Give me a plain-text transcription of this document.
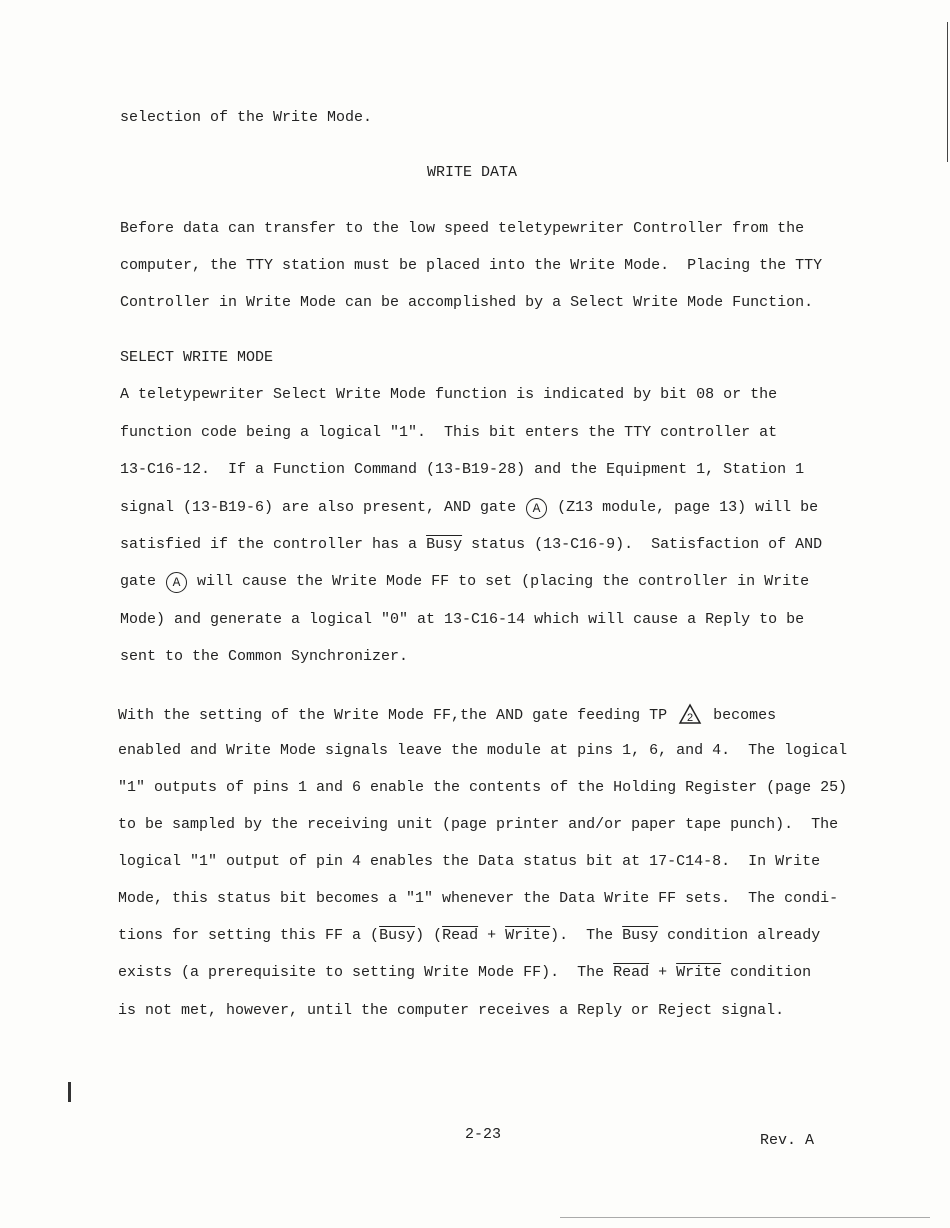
selection of the Write Mode.
WRITE DATA
Before data can transfer to the low speed teletypewriter Controller from the
computer, the TTY station must be placed into the Write Mode.  Placing the TTY
Controller in Write Mode can be accomplished by a Select Write Mode Function.
SELECT WRITE MODE
A teletypewriter Select Write Mode function is indicated by bit 08 or the
function code being a logical "1".  This bit enters the TTY controller at
13-C16-12.  If a Function Command (13-B19-28) and the Equipment 1, Station 1
signal (13-B19-6) are also present, AND gate A (Z13 module, page 13) will be
satisfied if the controller has a Busy status (13-C16-9).  Satisfaction of AND
gate A will cause the Write Mode FF to set (placing the controller in Write
Mode) and generate a logical "0" at 13-C16-14 which will cause a Reply to be
sent to the Common Synchronizer.
With the setting of the Write Mode FF,the AND gate feeding TP 2 becomes
enabled and Write Mode signals leave the module at pins 1, 6, and 4.  The logical
"1" outputs of pins 1 and 6 enable the contents of the Holding Register (page 25)
to be sampled by the receiving unit (page printer and/or paper tape punch).  The
logical "1" output of pin 4 enables the Data status bit at 17-C14-8.  In Write
Mode, this status bit becomes a "1" whenever the Data Write FF sets.  The condi-
tions for setting this FF a (Busy) (Read + Write).  The Busy condition already
exists (a prerequisite to setting Write Mode FF).  The Read + Write condition
is not met, however, until the computer receives a Reply or Reject signal.
2-23	Rev. A
